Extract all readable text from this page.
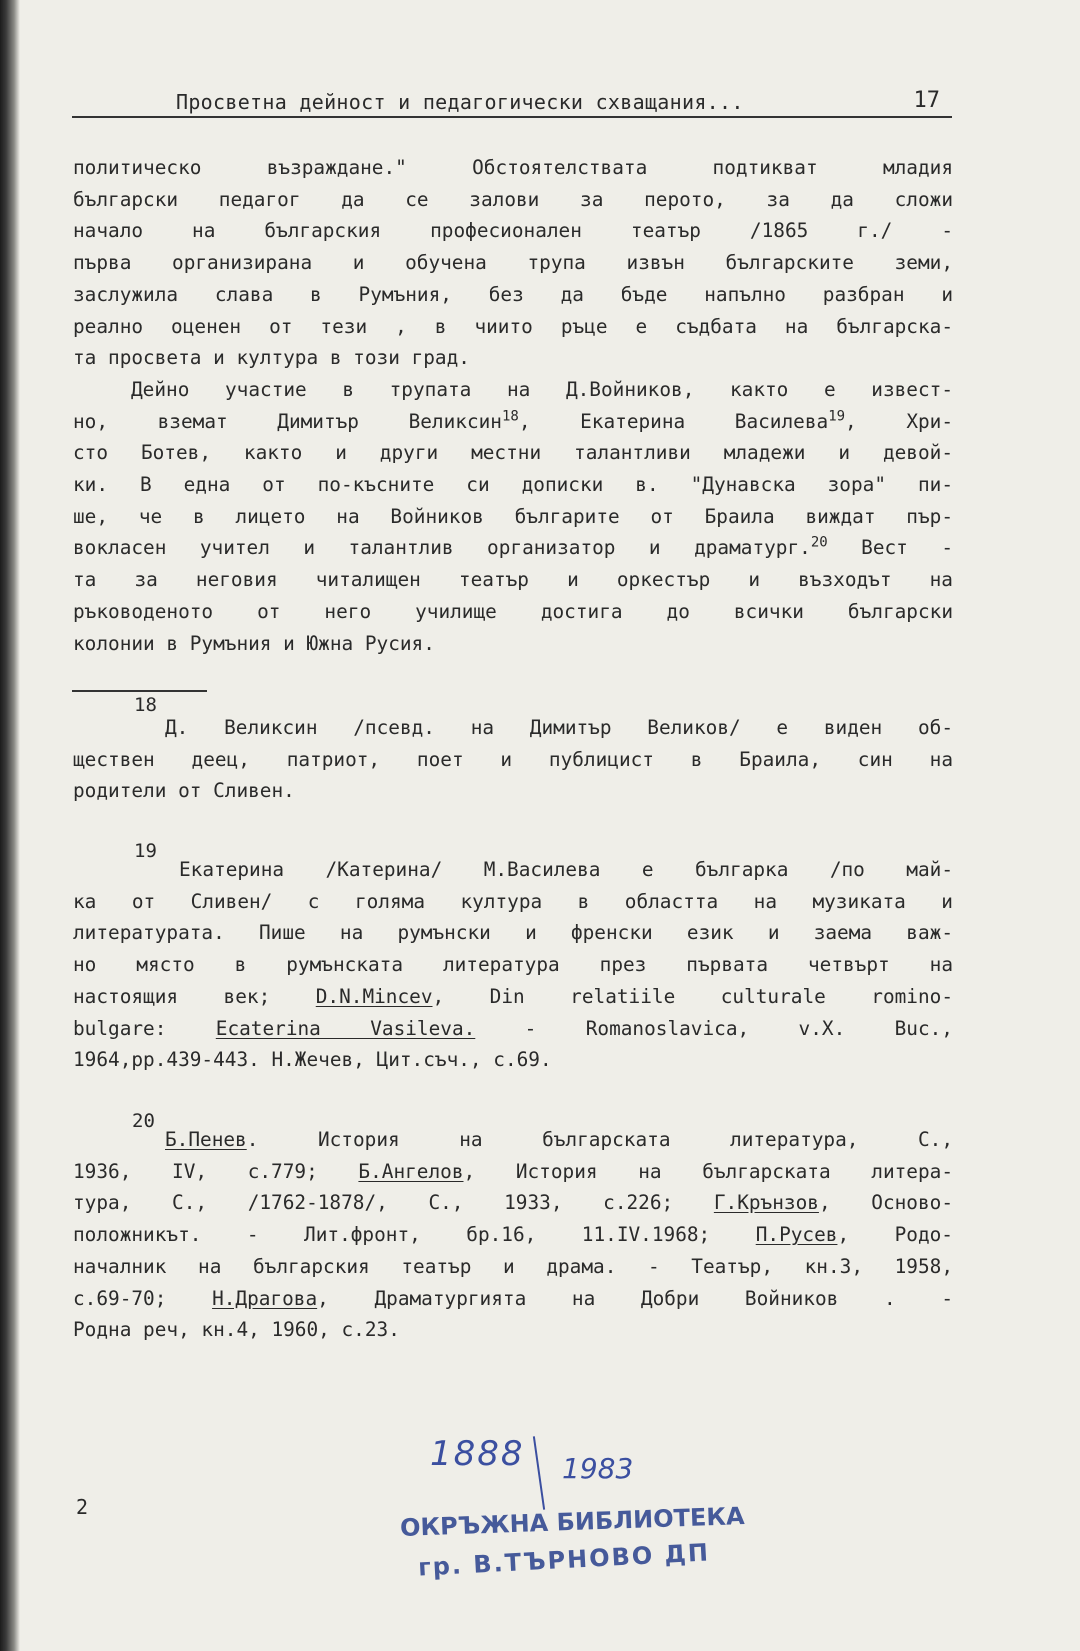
Просветна дейност и педагогически схващания...	17
политическо възраждане." Обстоятелствата подтикват младия
български педагог да се залови за перото, за да сложи
начало на българския професионален театър /1865 г./ -
първа организирана и обучена трупа извън българските земи,
заслужила слава в Румъния, без да бъде напълно разбран и
реално оценен от тези , в чиито ръце е съдбата на българска-
та просвета и култура в този град.
Дейно участие в трупата на Д.Войников, както е извест-
но, вземат Димитър Великсин$^{18}$, Екатерина Василева$^{19}$, Хри-
сто Ботев, както и други местни талантливи младежи и девой-
ки. В една от по-късните си дописки в. "Дунавска зора" пи-
ше, че в лицето на Войников българите от Браила виждат пър-
вокласен учител и талантлив организатор и драматург.$^{20}$ Вест -
та за неговия читалищен театър и оркестър и възходът на
ръководеното от него училище достига до всички български
колонии в Румъния и Южна Русия.
18
Д. Великсин /псевд. на Димитър Великов/ е виден об-
ществен деец, патриот, поет и публицист в Браила, син на
родители от Сливен.
19
Екатерина /Катерина/ М.Василева е българка /по май-
ка от Сливен/ с голяма култура в областта на музиката и
литературата. Пише на румънски и френски език и заема важ-
но място в румънската литература през първата четвърт на
настоящия век; D.N.Mincev, Din relatiile culturale romino-
bulgare: Ecaterina Vasileva. - Romanoslavica, v.X. Buc.,
1964,pp.439-443. Н.Жечев, Цит.съч., с.69.
20
Б.Пенев. История на българската литература, С.,
1936, IV, с.779; Б.Ангелов, История на българската литера-
тура, С., /1762-1878/, С., 1933, с.226; Г.Крънзов, Осново-
положникът. - Лит.фронт, бр.16, 11.IV.1968; П.Русев, Родо-
началник на българския театър и драма. - Театър, кн.3, 1958,
с.69-70; Н.Драгова, Драматургията на Добри Войников . -
Родна реч, кн.4, 1960, с.23.
2
1888 1983
ОКРЪЖНА БИБЛИОТЕКА
гр. В.ТЪРНОВО ДП
